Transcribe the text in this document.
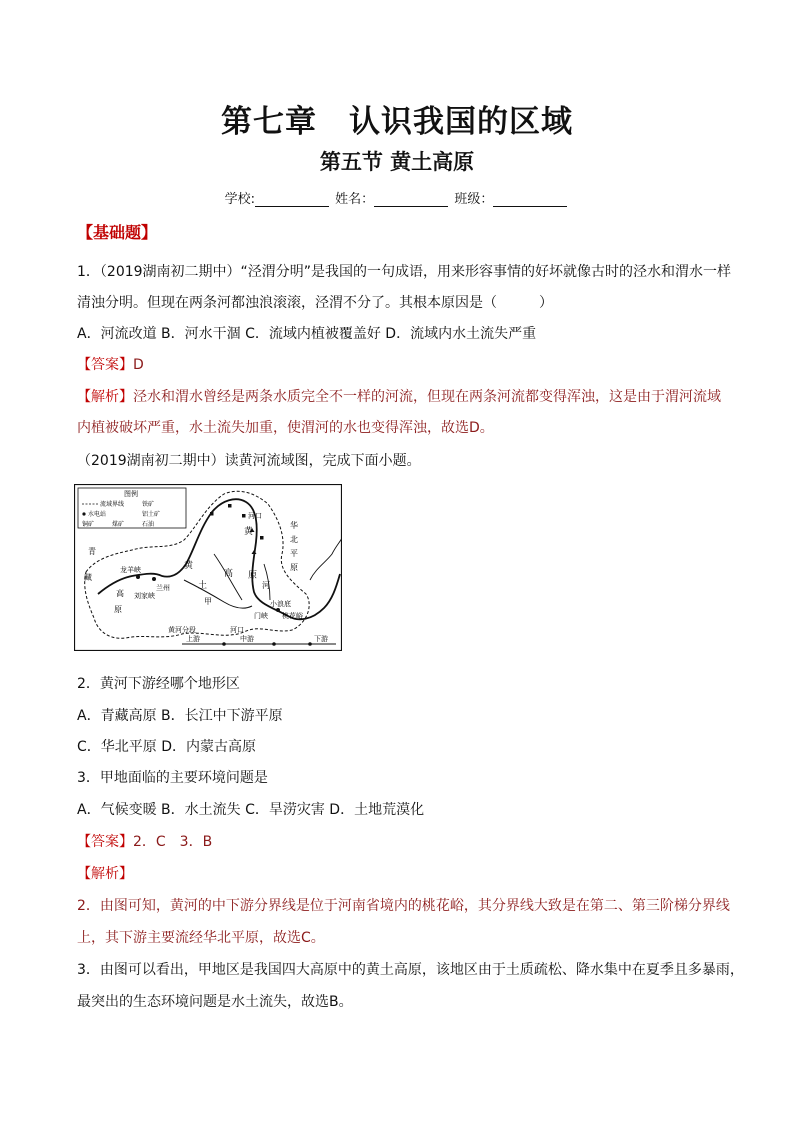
第七章　认识我国的区域
第五节 黄土高原
学校:	姓名：	班级：
【基础题】
1．（2019湖南初二期中）“泾渭分明”是我国的一句成语，用来形容事情的好坏就像古时的泾水和渭水一样
清浊分明。但现在两条河都浊浪滚滚，泾渭不分了。其根本原因是（　　　）
A．河流改道 B．河水干涸 C．流域内植被覆盖好 D．流域内水土流失严重
【答案】D
【解析】泾水和渭水曾经是两条水质完全不一样的河流，但现在两条河流都变得浑浊，这是由于渭河流域
内植被破坏严重，水土流失加重，使渭河的水也变得浑浊，故选D。
（2019湖南初二期中）读黄河流域图，完成下面小题。
图例
流域界线	铁矿
水电站	铝土矿
铜矿	煤矿	石油
青
藏
高
原
龙羊峡
刘家峡
兰州
黄
土
高 原
甲
河
黄
河口
华
北
平
原
小浪底
门峡 桃花峪
河口
黄河分段
上游	中游	下游
2．黄河下游经哪个地形区
A．青藏高原 B．长江中下游平原
C．华北平原 D．内蒙古高原
3．甲地面临的主要环境问题是
A．气候变暖 B．水土流失 C．旱涝灾害 D．土地荒漠化
【答案】2．C　3．B
【解析】
2．由图可知，黄河的中下游分界线是位于河南省境内的桃花峪，其分界线大致是在第二、第三阶梯分界线
上，其下游主要流经华北平原，故选C。
3．由图可以看出，甲地区是我国四大高原中的黄土高原，该地区由于土质疏松、降水集中在夏季且多暴雨，
最突出的生态环境问题是水土流失，故选B。
